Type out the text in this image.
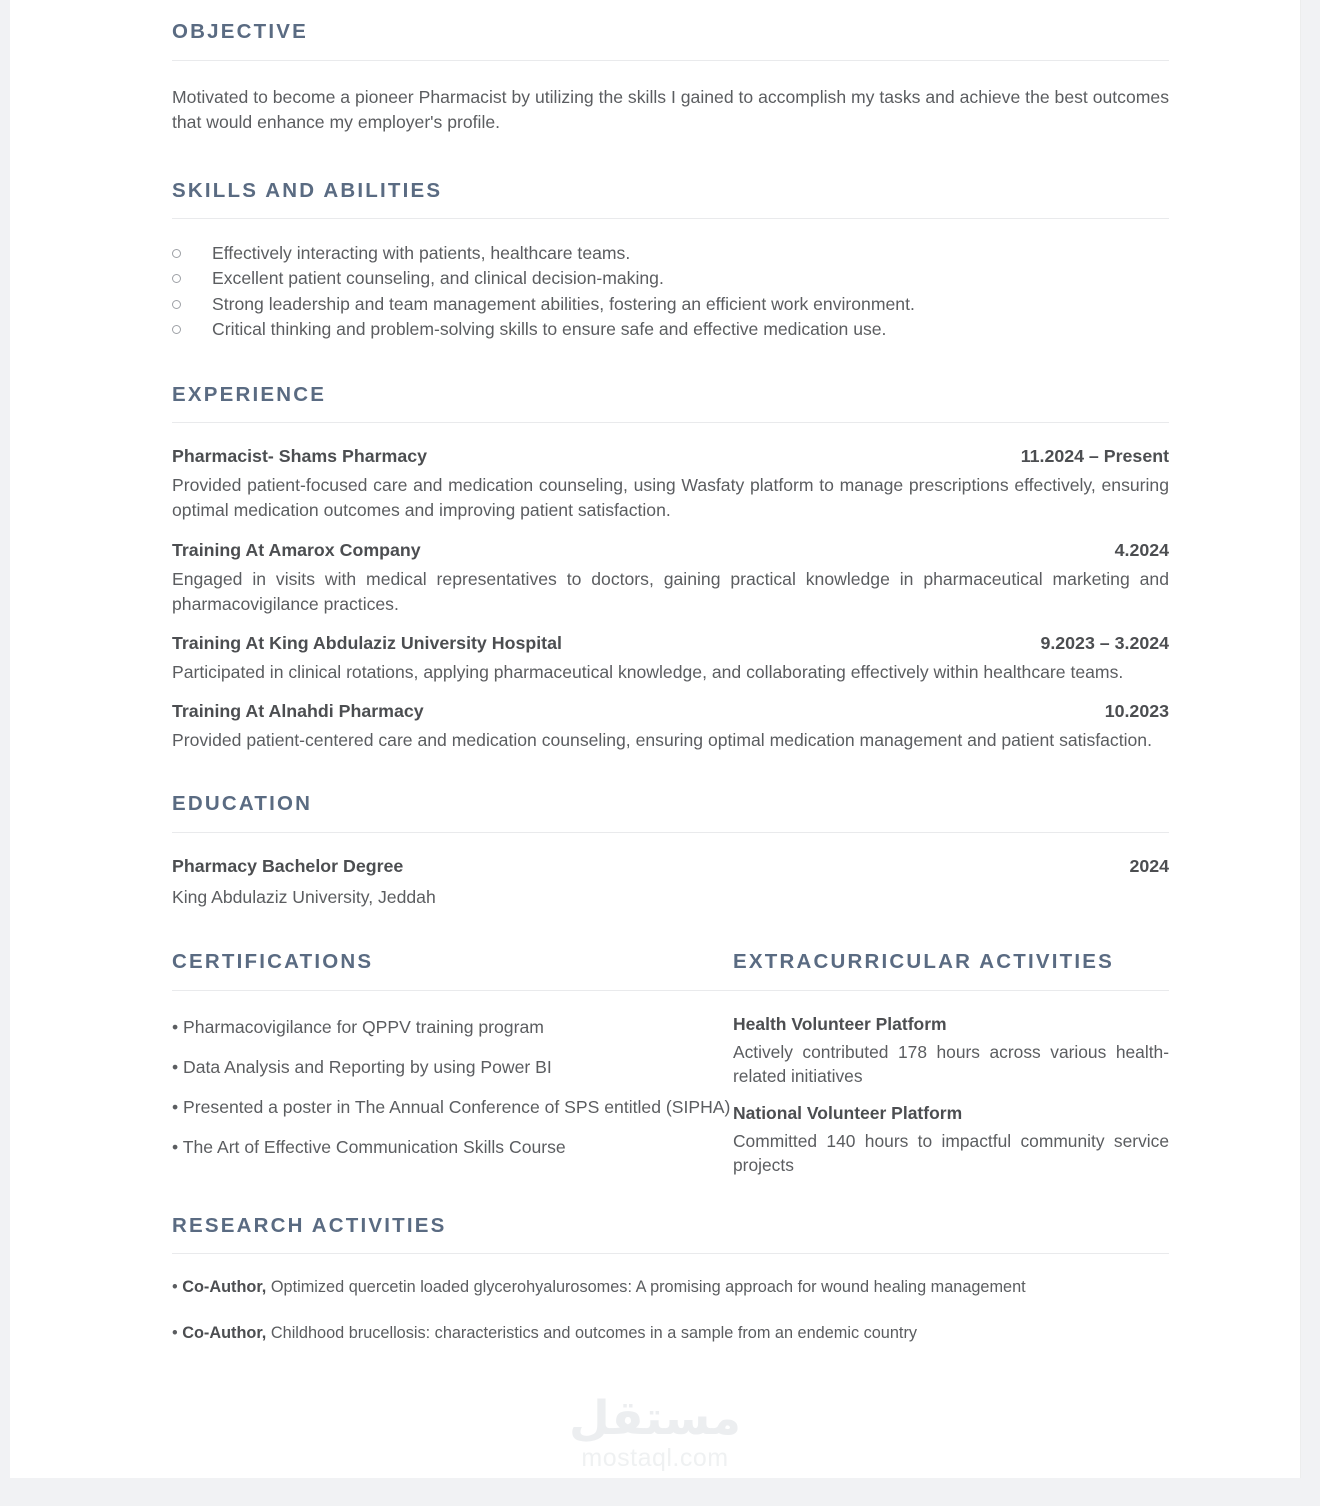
OBJECTIVE
Motivated to become a pioneer Pharmacist by utilizing the skills I gained to accomplish my tasks and achieve the best outcomes that would enhance my employer's profile.
SKILLS AND ABILITIES
Effectively interacting with patients, healthcare teams.
Excellent patient counseling, and clinical decision-making.
Strong leadership and team management abilities, fostering an efficient work environment.
Critical thinking and problem-solving skills to ensure safe and effective medication use.
EXPERIENCE
Pharmacist- Shams Pharmacy	11.2024 – Present
Provided patient-focused care and medication counseling, using Wasfaty platform to manage prescriptions effectively, ensuring optimal medication outcomes and improving patient satisfaction.
Training At Amarox Company	4.2024
Engaged in visits with medical representatives to doctors, gaining practical knowledge in pharmaceutical marketing and pharmacovigilance practices.
Training At King Abdulaziz University Hospital	9.2023 – 3.2024
Participated in clinical rotations, applying pharmaceutical knowledge, and collaborating effectively within healthcare teams.
Training At Alnahdi Pharmacy	10.2023
Provided patient-centered care and medication counseling, ensuring optimal medication management and patient satisfaction.
EDUCATION
Pharmacy Bachelor Degree	2024
King Abdulaziz University, Jeddah
CERTIFICATIONS	EXTRACURRICULAR ACTIVITIES
• Pharmacovigilance for QPPV training program
• Data Analysis and Reporting by using Power BI
• Presented a poster in The Annual Conference of SPS entitled (SIPHA)
• The Art of Effective Communication Skills Course
Health Volunteer Platform
Actively contributed 178 hours across various health-related initiatives
National Volunteer Platform
Committed 140 hours to impactful community service projects
RESEARCH ACTIVITIES
• Co-Author, Optimized quercetin loaded glycerohyalurosomes: A promising approach for wound healing management
• Co-Author, Childhood brucellosis: characteristics and outcomes in a sample from an endemic country
مستقل
mostaql.com
